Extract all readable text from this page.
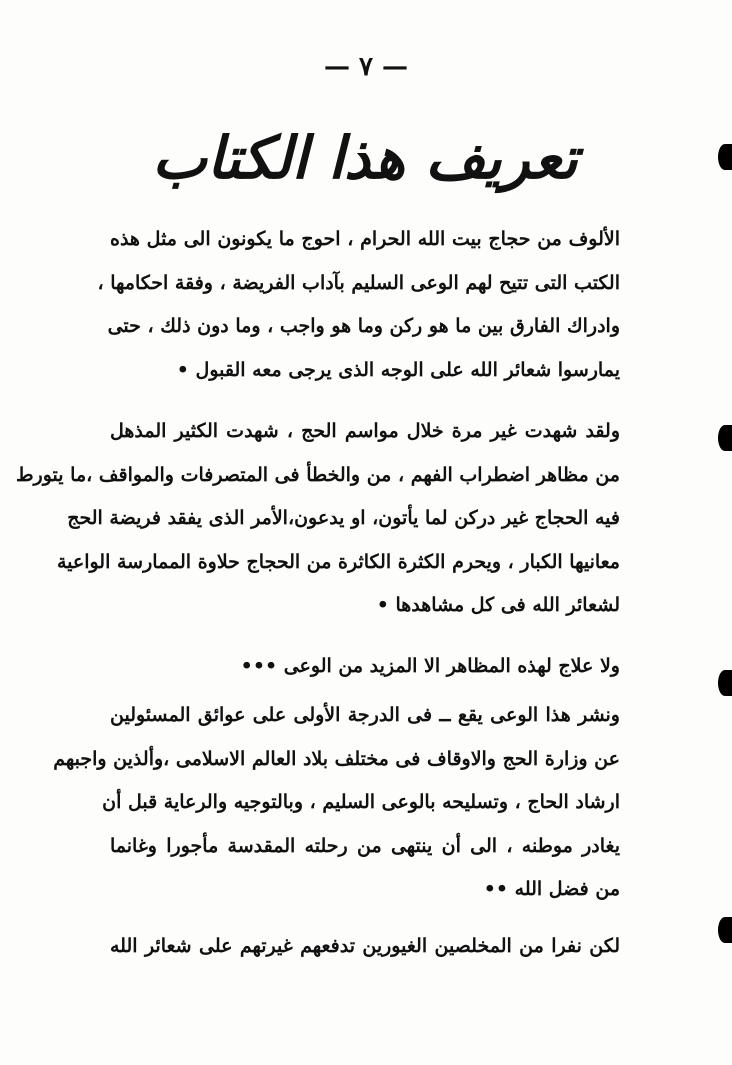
— ٧ —
تعريف هذا الكتاب
الألوف من حجاج بيت الله الحرام ، احوج ما يكونون الى مثل هذه
الكتب التى تتيح لهم الوعى السليم بآداب الفريضة ، وفقة احكامها ،
وادراك الفارق بين ما هو ركن وما هو واجب ، وما دون ذلك ، حتى
يمارسوا شعائر الله على الوجه الذى يرجى معه القبول •
ولقد شهدت غير مرة خلال مواسم الحج ، شهدت الكثير المذهل
من مظاهر اضطراب الفهم ، من والخطأ فى المتصرفات والمواقف ،ما يتورط
فيه الحجاج غير دركن لما يأتون، او يدعون،الأمر الذى يفقد فريضة الحج
معانيها الكبار ، ويحرم الكثرة الكاثرة من الحجاج حلاوة الممارسة الواعية
لشعائر الله فى كل مشاهدها •
ولا علاج لهذه المظاهر الا المزيد من الوعى •••
ونشر هذا الوعى يقع ــ فى الدرجة الأولى على عوائق المسئولين
عن وزارة الحج والاوقاف فى مختلف بلاد العالم الاسلامى ،وألذين واجبهم
ارشاد الحاج ، وتسليحه بالوعى السليم ، وبالتوجيه والرعاية قبل أن
يغادر موطنه ، الى أن ينتهى من رحلته المقدسة مأجورا وغانما
من فضل الله ••
لكن نفرا من المخلصين الغيورين تدفعهم غيرتهم على شعائر الله
